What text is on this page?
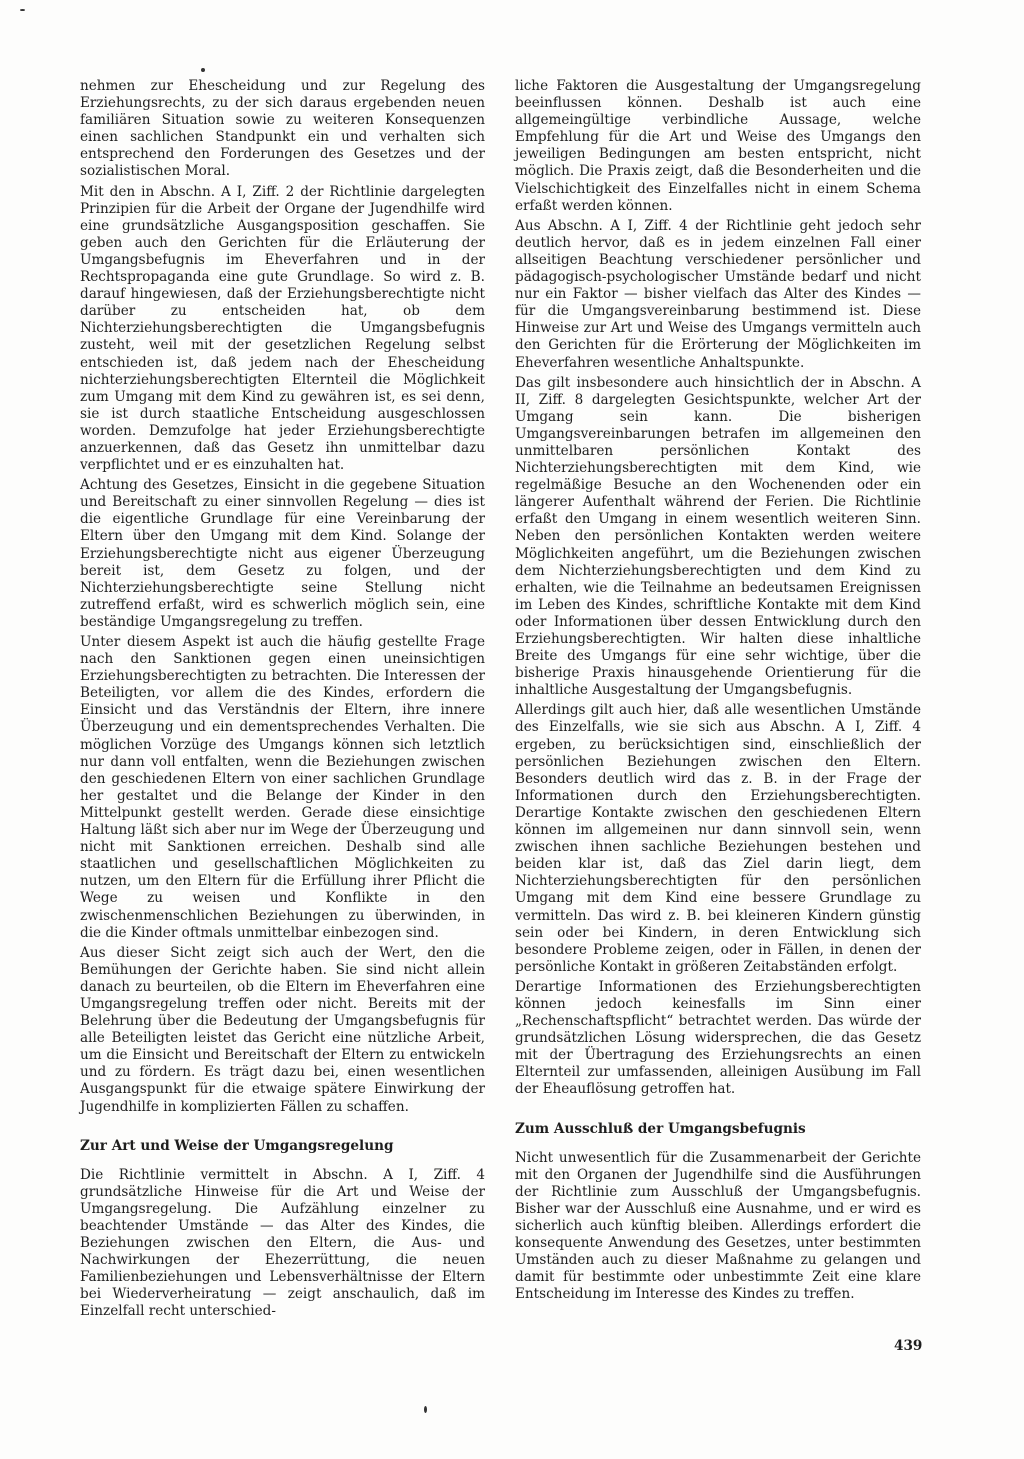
nehmen zur Ehescheidung und zur Regelung des Erziehungsrechts, zu der sich daraus ergebenden neuen familiären Situation sowie zu weiteren Konsequenzen einen sachlichen Standpunkt ein und verhalten sich entsprechend den Forderungen des Gesetzes und der sozialistischen Moral.

Mit den in Abschn. A I, Ziff. 2 der Richtlinie dargelegten Prinzipien für die Arbeit der Organe der Jugendhilfe wird eine grundsätzliche Ausgangsposition geschaffen. Sie geben auch den Gerichten für die Erläuterung der Umgangsbefugnis im Eheverfahren und in der Rechtspropaganda eine gute Grundlage. So wird z. B. darauf hingewiesen, daß der Erziehungsberechtigte nicht darüber zu entscheiden hat, ob dem Nichterziehungsberechtigten die Umgangsbefugnis zusteht, weil mit der gesetzlichen Regelung selbst entschieden ist, daß jedem nach der Ehescheidung nichterziehungsberechtigten Elternteil die Möglichkeit zum Umgang mit dem Kind zu gewähren ist, es sei denn, sie ist durch staatliche Entscheidung ausgeschlossen worden. Demzufolge hat jeder Erziehungsberechtigte anzuerkennen, daß das Gesetz ihn unmittelbar dazu verpflichtet und er es einzuhalten hat.

Achtung des Gesetzes, Einsicht in die gegebene Situation und Bereitschaft zu einer sinnvollen Regelung — dies ist die eigentliche Grundlage für eine Vereinbarung der Eltern über den Umgang mit dem Kind. Solange der Erziehungsberechtigte nicht aus eigener Überzeugung bereit ist, dem Gesetz zu folgen, und der Nichterziehungsberechtigte seine Stellung nicht zutreffend erfaßt, wird es schwerlich möglich sein, eine beständige Umgangsregelung zu treffen.

Unter diesem Aspekt ist auch die häufig gestellte Frage nach den Sanktionen gegen einen uneinsichtigen Erziehungsberechtigten zu betrachten. Die Interessen der Beteiligten, vor allem die des Kindes, erfordern die Einsicht und das Verständnis der Eltern, ihre innere Überzeugung und ein dementsprechendes Verhalten. Die möglichen Vorzüge des Umgangs können sich letztlich nur dann voll entfalten, wenn die Beziehungen zwischen den geschiedenen Eltern von einer sachlichen Grundlage her gestaltet und die Belange der Kinder in den Mittelpunkt gestellt werden. Gerade diese einsichtige Haltung läßt sich aber nur im Wege der Überzeugung und nicht mit Sanktionen erreichen. Deshalb sind alle staatlichen und gesellschaftlichen Möglichkeiten zu nutzen, um den Eltern für die Erfüllung ihrer Pflicht die Wege zu weisen und Konflikte in den zwischenmenschlichen Beziehungen zu überwinden, in die die Kinder oftmals unmittelbar einbezogen sind.

Aus dieser Sicht zeigt sich auch der Wert, den die Bemühungen der Gerichte haben. Sie sind nicht allein danach zu beurteilen, ob die Eltern im Eheverfahren eine Umgangsregelung treffen oder nicht. Bereits mit der Belehrung über die Bedeutung der Umgangsbefugnis für alle Beteiligten leistet das Gericht eine nützliche Arbeit, um die Einsicht und Bereitschaft der Eltern zu entwickeln und zu fördern. Es trägt dazu bei, einen wesentlichen Ausgangspunkt für die etwaige spätere Einwirkung der Jugendhilfe in komplizierten Fällen zu schaffen.

Zur Art und Weise der Umgangsregelung

Die Richtlinie vermittelt in Abschn. A I, Ziff. 4 grundsätzliche Hinweise für die Art und Weise der Umgangsregelung. Die Aufzählung einzelner zu beachtender Umstände — das Alter des Kindes, die Beziehungen zwischen den Eltern, die Aus- und Nachwirkungen der Ehezerrüttung, die neuen Familienbeziehungen und Lebensverhältnisse der Eltern bei Wiederverheiratung — zeigt anschaulich, daß im Einzelfall recht unterschied-

liche Faktoren die Ausgestaltung der Umgangsregelung beeinflussen können. Deshalb ist auch eine allgemeingültige verbindliche Aussage, welche Empfehlung für die Art und Weise des Umgangs den jeweiligen Bedingungen am besten entspricht, nicht möglich. Die Praxis zeigt, daß die Besonderheiten und die Vielschichtigkeit des Einzelfalles nicht in einem Schema erfaßt werden können.

Aus Abschn. A I, Ziff. 4 der Richtlinie geht jedoch sehr deutlich hervor, daß es in jedem einzelnen Fall einer allseitigen Beachtung verschiedener persönlicher und pädagogisch-psychologischer Umstände bedarf und nicht nur ein Faktor — bisher vielfach das Alter des Kindes — für die Umgangsvereinbarung bestimmend ist. Diese Hinweise zur Art und Weise des Umgangs vermitteln auch den Gerichten für die Erörterung der Möglichkeiten im Eheverfahren wesentliche Anhaltspunkte.

Das gilt insbesondere auch hinsichtlich der in Abschn. A II, Ziff. 8 dargelegten Gesichtspunkte, welcher Art der Umgang sein kann. Die bisherigen Umgangsvereinbarungen betrafen im allgemeinen den unmittelbaren persönlichen Kontakt des Nichterziehungsberechtigten mit dem Kind, wie regelmäßige Besuche an den Wochenenden oder ein längerer Aufenthalt während der Ferien. Die Richtlinie erfaßt den Umgang in einem wesentlich weiteren Sinn. Neben den persönlichen Kontakten werden weitere Möglichkeiten angeführt, um die Beziehungen zwischen dem Nichterziehungsberechtigten und dem Kind zu erhalten, wie die Teilnahme an bedeutsamen Ereignissen im Leben des Kindes, schriftliche Kontakte mit dem Kind oder Informationen über dessen Entwicklung durch den Erziehungsberechtigten. Wir halten diese inhaltliche Breite des Umgangs für eine sehr wichtige, über die bisherige Praxis hinausgehende Orientierung für die inhaltliche Ausgestaltung der Umgangsbefugnis.

Allerdings gilt auch hier, daß alle wesentlichen Umstände des Einzelfalls, wie sie sich aus Abschn. A I, Ziff. 4 ergeben, zu berücksichtigen sind, einschließlich der persönlichen Beziehungen zwischen den Eltern. Besonders deutlich wird das z. B. in der Frage der Informationen durch den Erziehungsberechtigten. Derartige Kontakte zwischen den geschiedenen Eltern können im allgemeinen nur dann sinnvoll sein, wenn zwischen ihnen sachliche Beziehungen bestehen und beiden klar ist, daß das Ziel darin liegt, dem Nichterziehungsberechtigten für den persönlichen Umgang mit dem Kind eine bessere Grundlage zu vermitteln. Das wird z. B. bei kleineren Kindern günstig sein oder bei Kindern, in deren Entwicklung sich besondere Probleme zeigen, oder in Fällen, in denen der persönliche Kontakt in größeren Zeitabständen erfolgt.

Derartige Informationen des Erziehungsberechtigten können jedoch keinesfalls im Sinn einer „Rechenschaftspflicht“ betrachtet werden. Das würde der grundsätzlichen Lösung widersprechen, die das Gesetz mit der Übertragung des Erziehungsrechts an einen Elternteil zur umfassenden, alleinigen Ausübung im Fall der Eheauflösung getroffen hat.

Zum Ausschluß der Umgangsbefugnis

Nicht unwesentlich für die Zusammenarbeit der Gerichte mit den Organen der Jugendhilfe sind die Ausführungen der Richtlinie zum Ausschluß der Umgangsbefugnis. Bisher war der Ausschluß eine Ausnahme, und er wird es sicherlich auch künftig bleiben. Allerdings erfordert die konsequente Anwendung des Gesetzes, unter bestimmten Umständen auch zu dieser Maßnahme zu gelangen und damit für bestimmte oder unbestimmte Zeit eine klare Entscheidung im Interesse des Kindes zu treffen.

439
